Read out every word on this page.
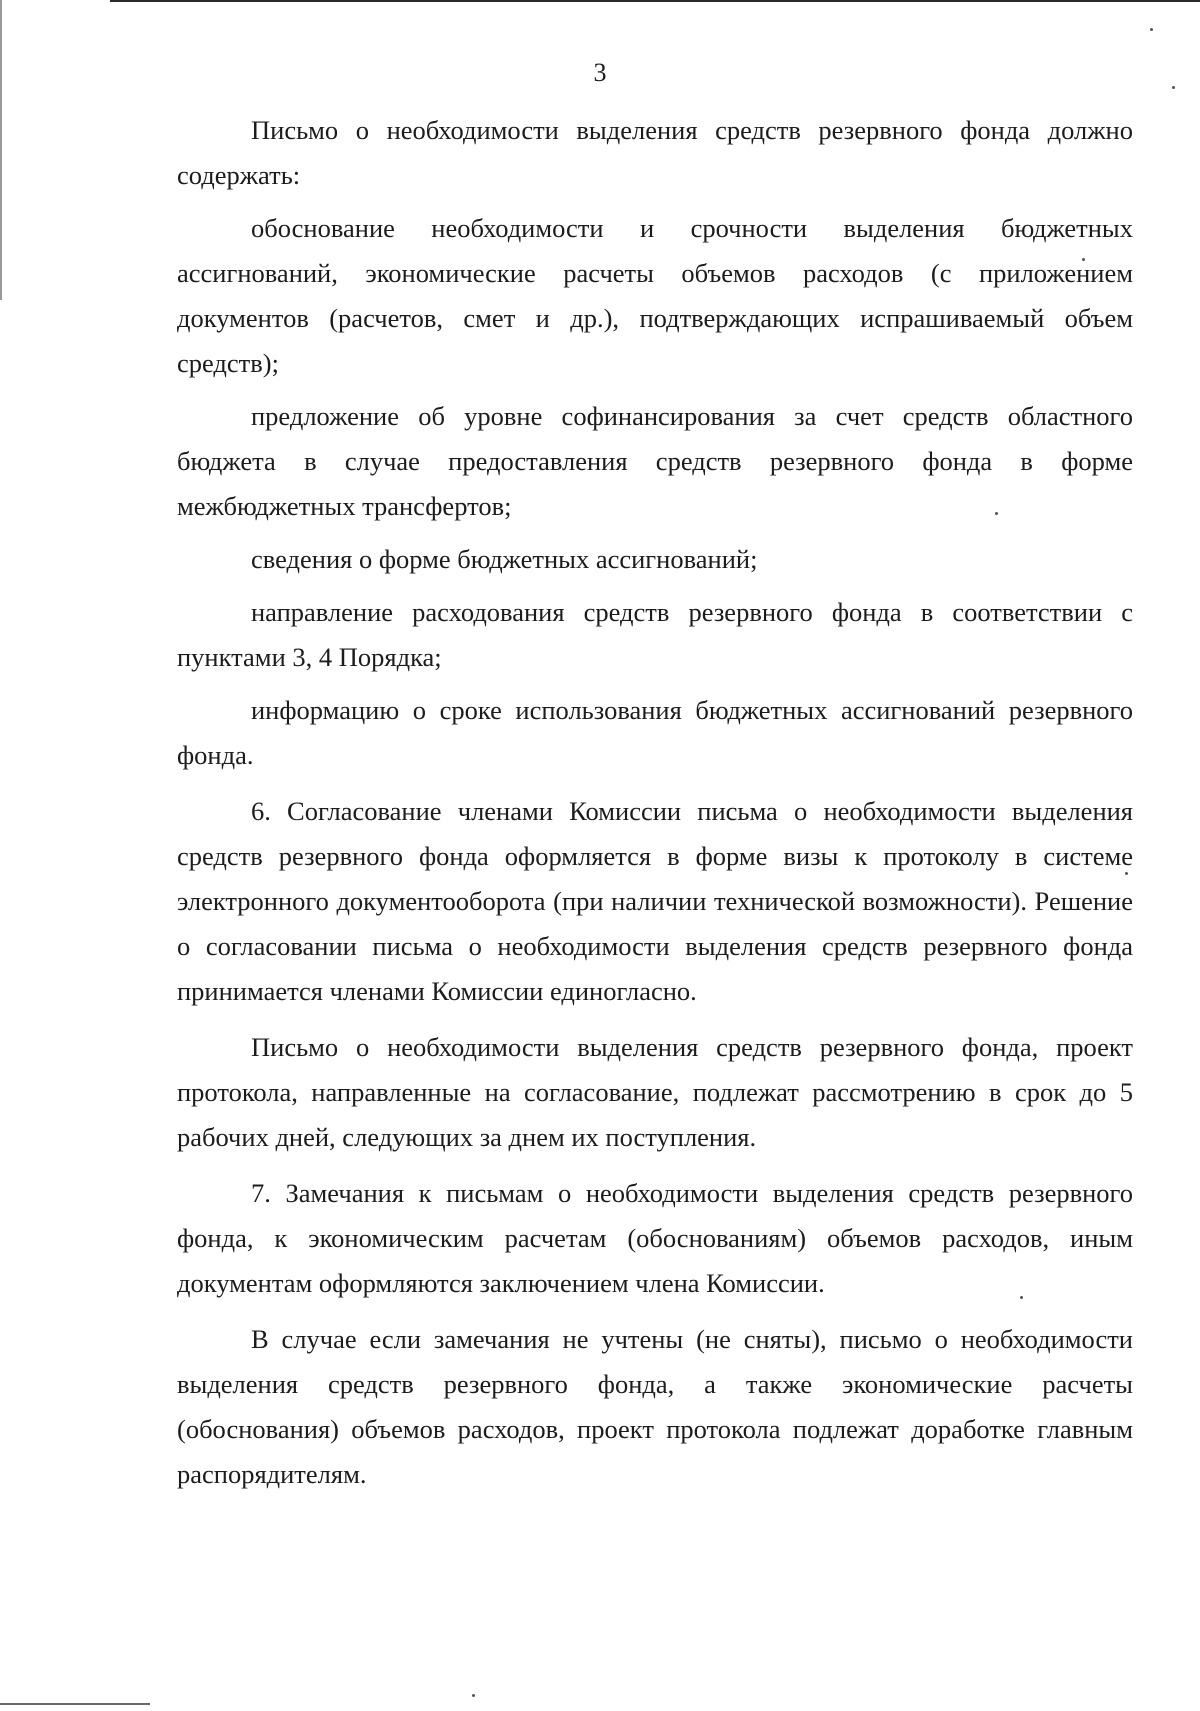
3

Письмо о необходимости выделения средств резервного фонда должно содержать:

обоснование необходимости и срочности выделения бюджетных ассигнований, экономические расчеты объемов расходов (с приложением документов (расчетов, смет и др.), подтверждающих испрашиваемый объем средств);

предложение об уровне софинансирования за счет средств областного бюджета в случае предоставления средств резервного фонда в форме межбюджетных трансфертов;

сведения о форме бюджетных ассигнований;

направление расходования средств резервного фонда в соответствии с пунктами 3, 4 Порядка;

информацию о сроке использования бюджетных ассигнований резервного фонда.

6. Согласование членами Комиссии письма о необходимости выделения средств резервного фонда оформляется в форме визы к протоколу в системе электронного документооборота (при наличии технической возможности). Решение о согласовании письма о необходимости выделения средств резервного фонда принимается членами Комиссии единогласно.

Письмо о необходимости выделения средств резервного фонда, проект протокола, направленные на согласование, подлежат рассмотрению в срок до 5 рабочих дней, следующих за днем их поступления.

7. Замечания к письмам о необходимости выделения средств резервного фонда, к экономическим расчетам (обоснованиям) объемов расходов, иным документам оформляются заключением члена Комиссии.

В случае если замечания не учтены (не сняты), письмо о необходимости выделения средств резервного фонда, а также экономические расчеты (обоснования) объемов расходов, проект протокола подлежат доработке главным распорядителям.
